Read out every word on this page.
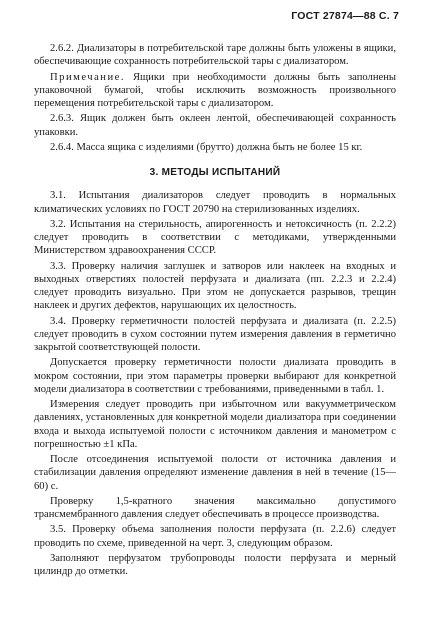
ГОСТ 27874—88 С. 7

2.6.2. Диализаторы в потребительской таре должны быть уложены в ящики, обеспечивающие сохранность потребительской тары с диализатором.

Примечание. Ящики при необходимости должны быть заполнены упаковочной бумагой, чтобы исключить возможность произвольного перемещения потребительской тары с диализатором.

2.6.3. Ящик должен быть оклеен лентой, обеспечивающей сохранность упаковки.

2.6.4. Масса ящика с изделиями (брутто) должна быть не более 15 кг.

3. МЕТОДЫ ИСПЫТАНИЙ

3.1. Испытания диализаторов следует проводить в нормальных климатических условиях по ГОСТ 20790 на стерилизованных изделиях.

3.2. Испытания на стерильность, апирогенность и нетоксичность (п. 2.2.2) следует проводить в соответствии с методиками, утвержденными Министерством здравоохранения СССР.

3.3. Проверку наличия заглушек и затворов или наклеек на входных и выходных отверстиях полостей перфузата и диализата (пп. 2.2.3 и 2.2.4) следует проводить визуально. При этом не допускается разрывов, трещин наклеек и других дефектов, нарушающих их целостность.

3.4. Проверку герметичности полостей перфузата и диализата (п. 2.2.5) следует проводить в сухом состоянии путем измерения давления в герметично закрытой соответствующей полости.

Допускается проверку герметичности полости диализата проводить в мокром состоянии, при этом параметры проверки выбирают для конкретной модели диализатора в соответствии с требованиями, приведенными в табл. 1.

Измерения следует проводить при избыточном или вакуумметрическом давлениях, установленных для конкретной модели диализатора при соединении входа и выхода испытуемой полости с источником давления и манометром с погрешностью ±1 кПа.

После отсоединения испытуемой полости от источника давления и стабилизации давления определяют изменение давления в ней в течение (15—60) с.

Проверку 1,5-кратного значения максимально допустимого трансмембранного давления следует обеспечивать в процессе производства.

3.5. Проверку объема заполнения полости перфузата (п. 2.2.6) следует проводить по схеме, приведенной на черт. 3, следующим образом.

Заполняют перфузатом трубопроводы полости перфузата и мерный цилиндр до отметки.
